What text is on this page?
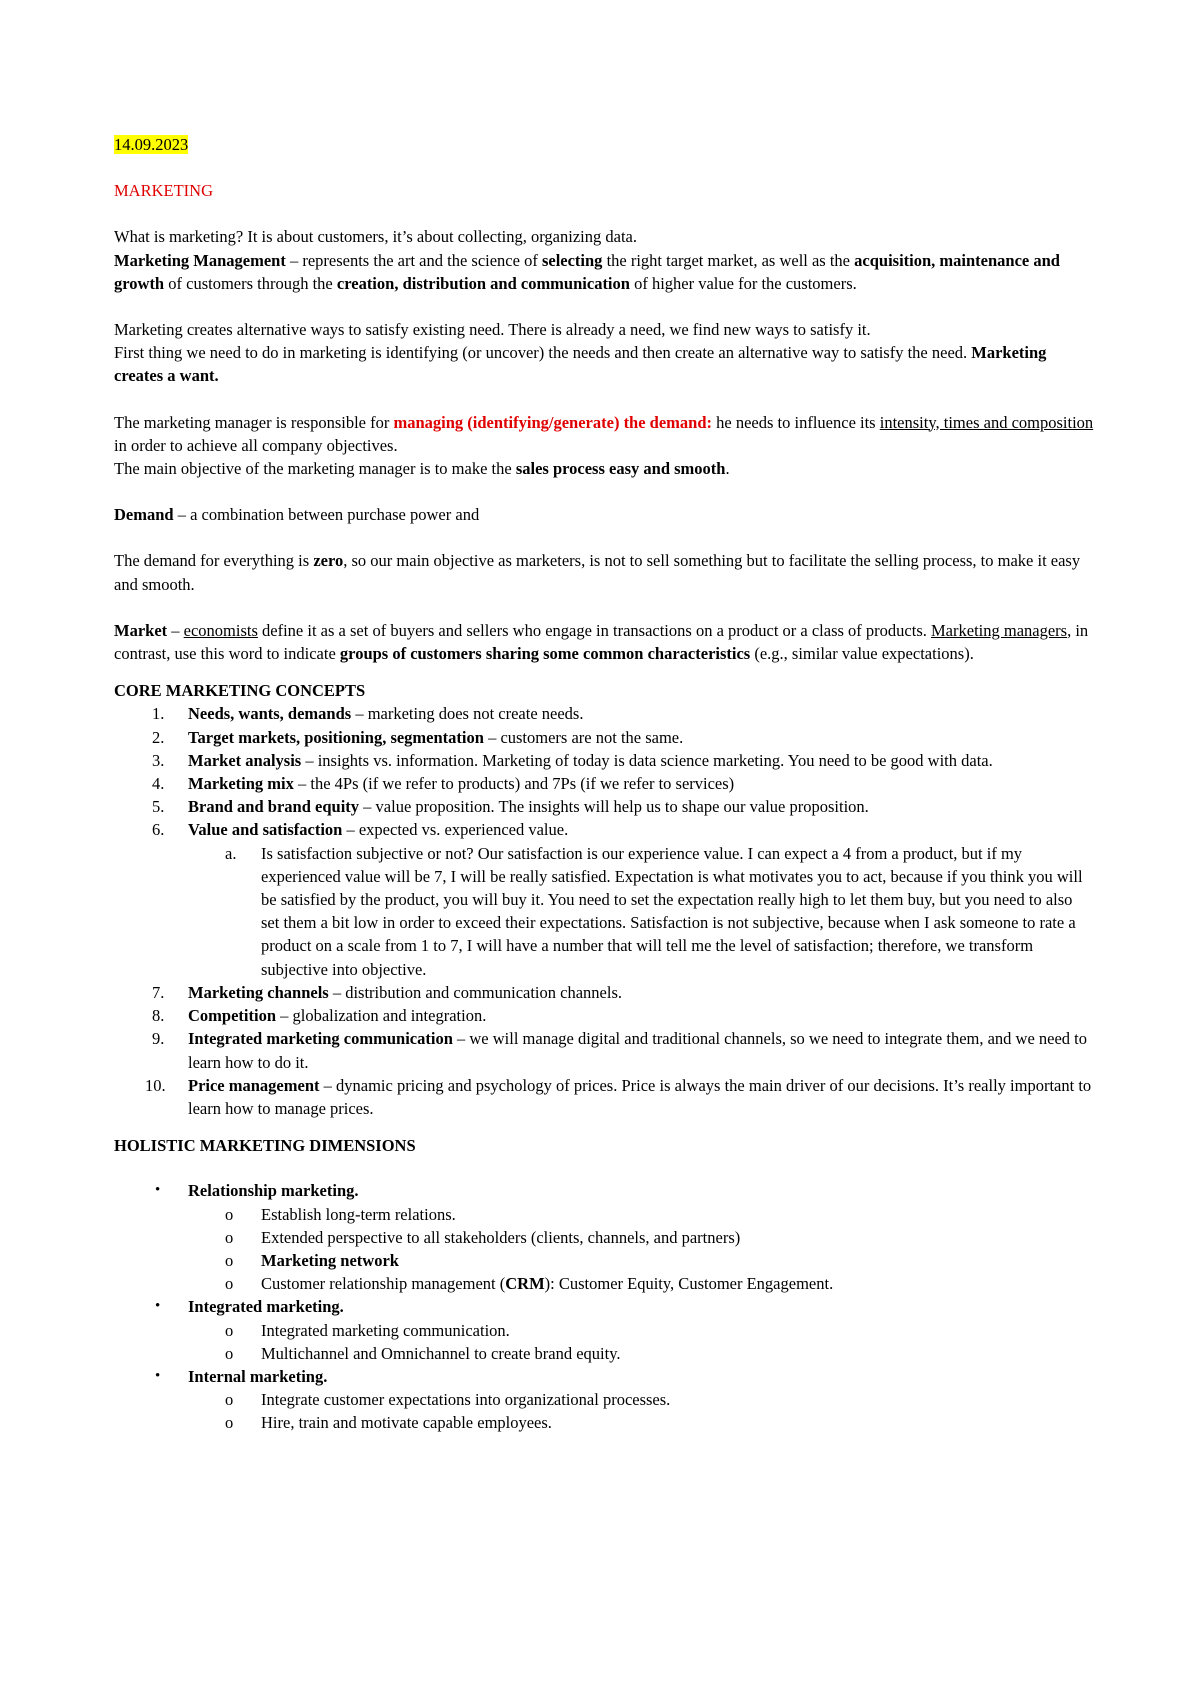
14.09.2023

MARKETING

What is marketing? It is about customers, it’s about collecting, organizing data.

Marketing Management – represents the art and the science of selecting the right target market, as well as the acquisition, maintenance and growth of customers through the creation, distribution and communication of higher value for the customers.

Marketing creates alternative ways to satisfy existing need. There is already a need, we find new ways to satisfy it.

First thing we need to do in marketing is identifying (or uncover) the needs and then create an alternative way to satisfy the need. Marketing creates a want.

The marketing manager is responsible for managing (identifying/generate) the demand: he needs to influence its intensity, times and composition in order to achieve all company objectives.

The main objective of the marketing manager is to make the sales process easy and smooth.

Demand – a combination between purchase power and

The demand for everything is zero, so our main objective as marketers, is not to sell something but to facilitate the selling process, to make it easy and smooth.

Market – economists define it as a set of buyers and sellers who engage in transactions on a product or a class of products. Marketing managers, in contrast, use this word to indicate groups of customers sharing some common characteristics (e.g., similar value expectations).

CORE MARKETING CONCEPTS

1. Needs, wants, demands – marketing does not create needs.
2. Target markets, positioning, segmentation – customers are not the same.
3. Market analysis – insights vs. information. Marketing of today is data science marketing. You need to be good with data.
4. Marketing mix – the 4Ps (if we refer to products) and 7Ps (if we refer to services)
5. Brand and brand equity – value proposition. The insights will help us to shape our value proposition.
6. Value and satisfaction – expected vs. experienced value.
a. Is satisfaction subjective or not? Our satisfaction is our experience value. I can expect a 4 from a product, but if my experienced value will be 7, I will be really satisfied. Expectation is what motivates you to act, because if you think you will be satisfied by the product, you will buy it. You need to set the expectation really high to let them buy, but you need to also set them a bit low in order to exceed their expectations. Satisfaction is not subjective, because when I ask someone to rate a product on a scale from 1 to 7, I will have a number that will tell me the level of satisfaction; therefore, we transform subjective into objective.
7. Marketing channels – distribution and communication channels.
8. Competition – globalization and integration.
9. Integrated marketing communication – we will manage digital and traditional channels, so we need to integrate them, and we need to learn how to do it.
10. Price management – dynamic pricing and psychology of prices. Price is always the main driver of our decisions. It’s really important to learn how to manage prices.

HOLISTIC MARKETING DIMENSIONS

• Relationship marketing.
o Establish long-term relations.
o Extended perspective to all stakeholders (clients, channels, and partners)
o Marketing network
o Customer relationship management (CRM): Customer Equity, Customer Engagement.
• Integrated marketing.
o Integrated marketing communication.
o Multichannel and Omnichannel to create brand equity.
• Internal marketing.
o Integrate customer expectations into organizational processes.
o Hire, train and motivate capable employees.
